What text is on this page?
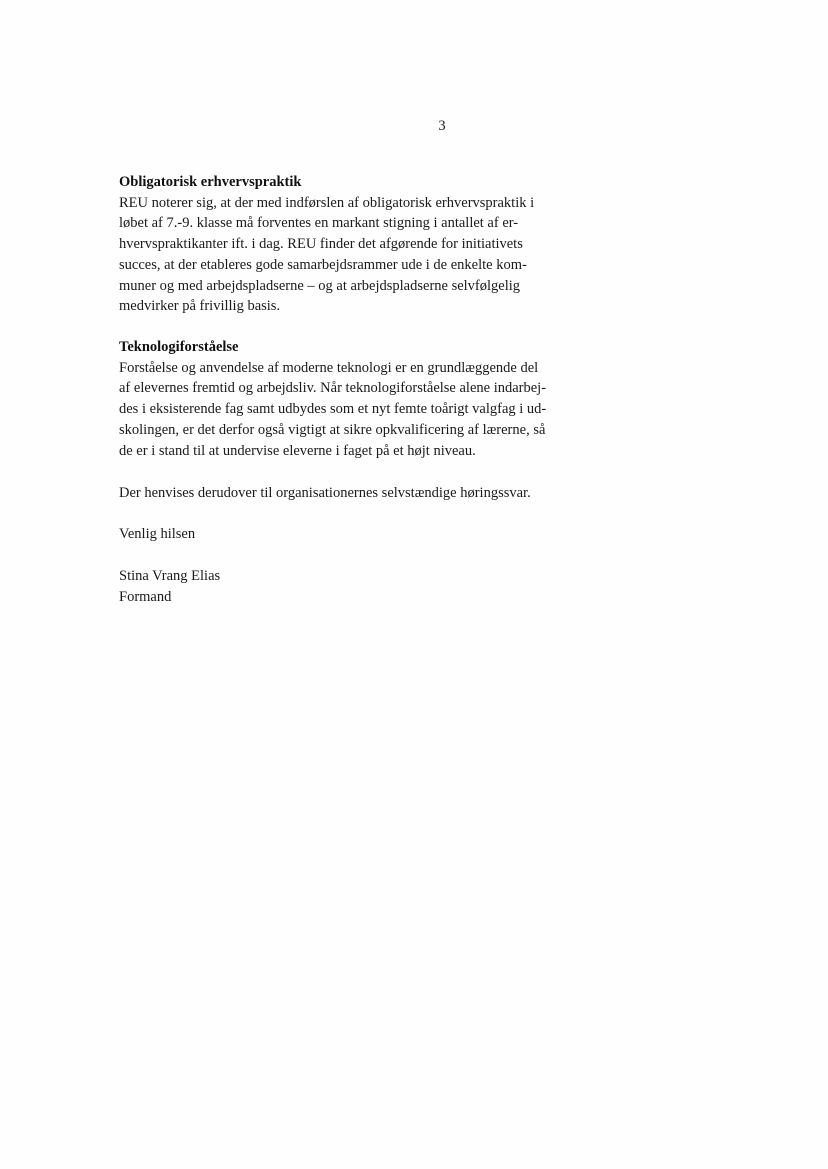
3
Obligatorisk erhvervspraktik
REU noterer sig, at der med indførslen af obligatorisk erhvervspraktik i
løbet af 7.-9. klasse må forventes en markant stigning i antallet af er-
hvervspraktikanter ift. i dag. REU finder det afgørende for initiativets
succes, at der etableres gode samarbejdsrammer ude i de enkelte kom-
muner og med arbejdspladserne – og at arbejdspladserne selvfølgelig
medvirker på frivillig basis.
Teknologiforståelse
Forståelse og anvendelse af moderne teknologi er en grundlæggende del
af elevernes fremtid og arbejdsliv. Når teknologiforståelse alene indarbej-
des i eksisterende fag samt udbydes som et nyt femte toårigt valgfag i ud-
skolingen, er det derfor også vigtigt at sikre opkvalificering af lærerne, så
de er i stand til at undervise eleverne i faget på et højt niveau.
Der henvises derudover til organisationernes selvstændige høringssvar.
Venlig hilsen
Stina Vrang Elias
Formand
